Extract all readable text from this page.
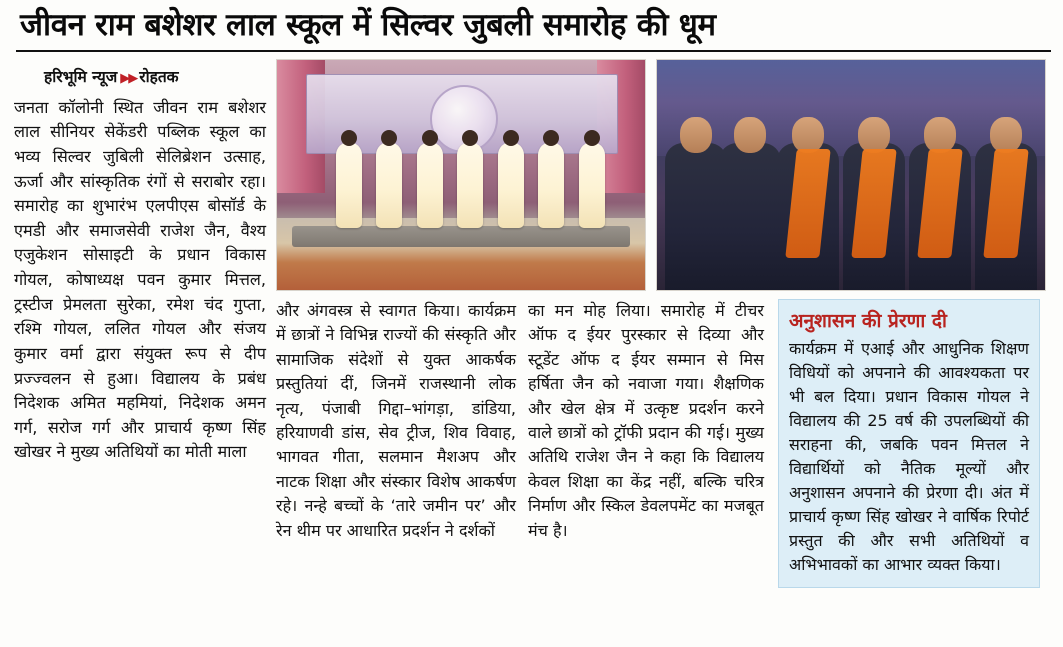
जीवन राम बशेशर लाल स्कूल में सिल्वर जुबली समारोह की धूम
हरिभूमि न्यूज ▶▶ रोहतक

जनता कॉलोनी स्थित जीवन राम बशेशर लाल सीनियर सेकेंडरी पब्लिक स्कूल का भव्य सिल्वर जुबिली सेलिब्रेशन उत्साह, ऊर्जा और सांस्कृतिक रंगों से सराबोर रहा। समारोह का शुभारंभ एलपीएस बोसॉर्ड के एमडी और समाजसेवी राजेश जैन, वैश्य एजुकेशन सोसाइटी के प्रधान विकास गोयल, कोषाध्यक्ष पवन कुमार मित्तल, ट्रस्टीज प्रेमलता सुरेका, रमेश चंद गुप्ता, रश्मि गोयल, ललित गोयल और संजय कुमार वर्मा द्वारा संयुक्त रूप से दीप प्रज्ज्वलन से हुआ। विद्यालय के प्रबंध निदेशक अमित महमियां, निदेशक अमन गर्ग, सरोज गर्ग और प्राचार्य कृष्ण सिंह खोखर ने मुख्य अतिथियों का मोती माला

और अंगवस्त्र से स्वागत किया। कार्यक्रम में छात्रों ने विभिन्न राज्यों की संस्कृति और सामाजिक संदेशों से युक्त आकर्षक प्रस्तुतियां दीं, जिनमें राजस्थानी लोक नृत्य, पंजाबी गिद्दा–भांगड़ा, डांडिया, हरियाणवी डांस, सेव ट्रीज, शिव विवाह, भागवत गीता, सलमान मैशअप और नाटक शिक्षा और संस्कार विशेष आकर्षण रहे। नन्हे बच्चों के ‘तारे जमीन पर’ और रेन थीम पर आधारित प्रदर्शन ने दर्शकों

का मन मोह लिया। समारोह में टीचर ऑफ द ईयर पुरस्कार से दिव्या और स्टूडेंट ऑफ द ईयर सम्मान से मिस हर्षिता जैन को नवाजा गया। शैक्षणिक और खेल क्षेत्र में उत्कृष्ट प्रदर्शन करने वाले छात्रों को ट्रॉफी प्रदान की गई। मुख्य अतिथि राजेश जैन ने कहा कि विद्यालय केवल शिक्षा का केंद्र नहीं, बल्कि चरित्र निर्माण और स्किल डेवलपमेंट का मजबूत मंच है।

अनुशासन की प्रेरणा दी

कार्यक्रम में एआई और आधुनिक शिक्षण विधियों को अपनाने की आवश्यकता पर भी बल दिया। प्रधान विकास गोयल ने विद्यालय की 25 वर्ष की उपलब्धियों की सराहना की, जबकि पवन मित्तल ने विद्यार्थियों को नैतिक मूल्यों और अनुशासन अपनाने की प्रेरणा दी। अंत में प्राचार्य कृष्ण सिंह खोखर ने वार्षिक रिपोर्ट प्रस्तुत की और सभी अतिथियों व अभिभावकों का आभार व्यक्त किया।
